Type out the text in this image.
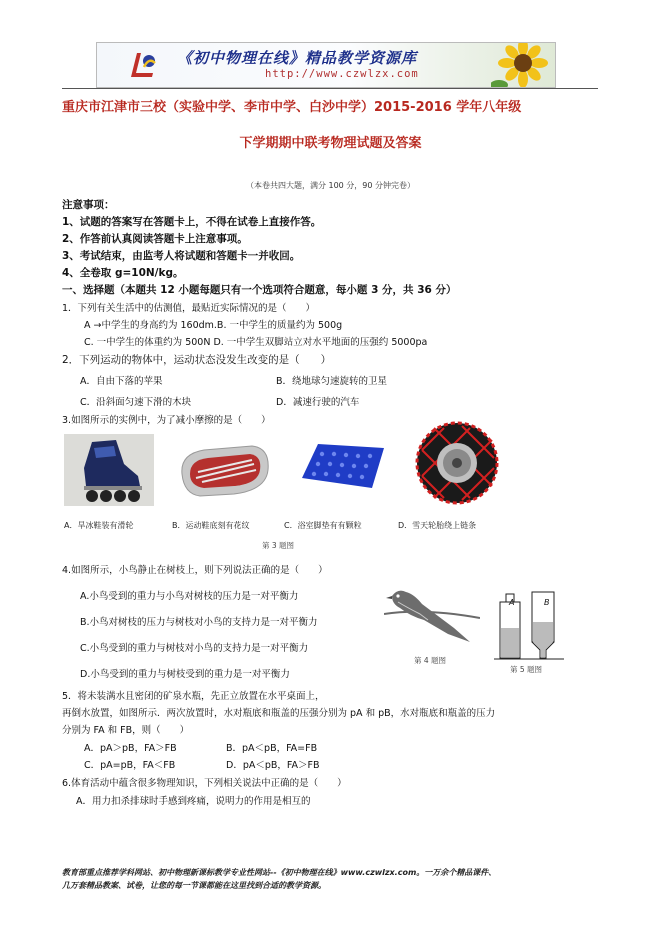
《初中物理在线》精品教学资源库
http://www.czwlzx.com
重庆市江津市三校（实验中学、李市中学、白沙中学）2015-2016 学年八年级
下学期期中联考物理试题及答案
（本卷共四大题，满分 100 分，90 分钟完卷）
注意事项：
1、试题的答案写在答题卡上，不得在试卷上直接作答。
2、作答前认真阅读答题卡上注意事项。
3、考试结束，由监考人将试题和答题卡一并收回。
4、全卷取 g=10N/kg。
一、选择题（本题共 12 小题每题只有一个选项符合题意，每小题 3 分，共 36 分）
1．下列有关生活中的估测值，最贴近实际情况的是（　　）
A →中学生的身高约为 160dm.B. 一中学生的质量约为 500g
C. 一中学生的体重约为 500N D. 一中学生双脚站立对水平地面的压强约 5000pa
2．下列运动的物体中，运动状态没发生改变的是（　　）
A．自由下落的苹果	B．绕地球匀速旋转的卫星
C．沿斜面匀速下滑的木块	D．减速行驶的汽车
3.如图所示的实例中，为了减小摩擦的是（　　）
A．旱冰鞋装有滑轮	B．运动鞋底刻有花纹	C．浴室脚垫有有颗粒	D．雪天轮胎绕上链条
第 3 题图
4.如图所示，小鸟静止在树枝上，则下列说法正确的是（　　）
A.小鸟受到的重力与小鸟对树枝的压力是一对平衡力
B.小鸟对树枝的压力与树枝对小鸟的支持力是一对平衡力
C.小鸟受到的重力与树枝对小鸟的支持力是一对平衡力
D.小鸟受到的重力与树枝受到的重力是一对平衡力
第 4 题图
A	B
第 5 题图
5．将未装满水且密闭的矿泉水瓶，先正立放置在水平桌面上，
再倒水放置，如图所示．两次放置时，水对瓶底和瓶盖的压强分别为 pA 和 pB，水对瓶底和瓶盖的压力
分别为 FA 和 FB，则（　　）
A．pA＞pB，FA＞FB	B．pA＜pB，FA=FB
C．pA=pB，FA＜FB	D．pA＜pB，FA＞FB
6.体育活动中蕴含很多物理知识，下列相关说法中正确的是（　　）
A．用力扣杀排球时手感到疼痛，说明力的作用是相互的
教育部重点推荐学科网站、初中物理新课标教学专业性网站--《初中物理在线》www.czwlzx.com。一万余个精品课件、
几万套精品教案、试卷，让您的每一节课都能在这里找到合适的教学资源。
